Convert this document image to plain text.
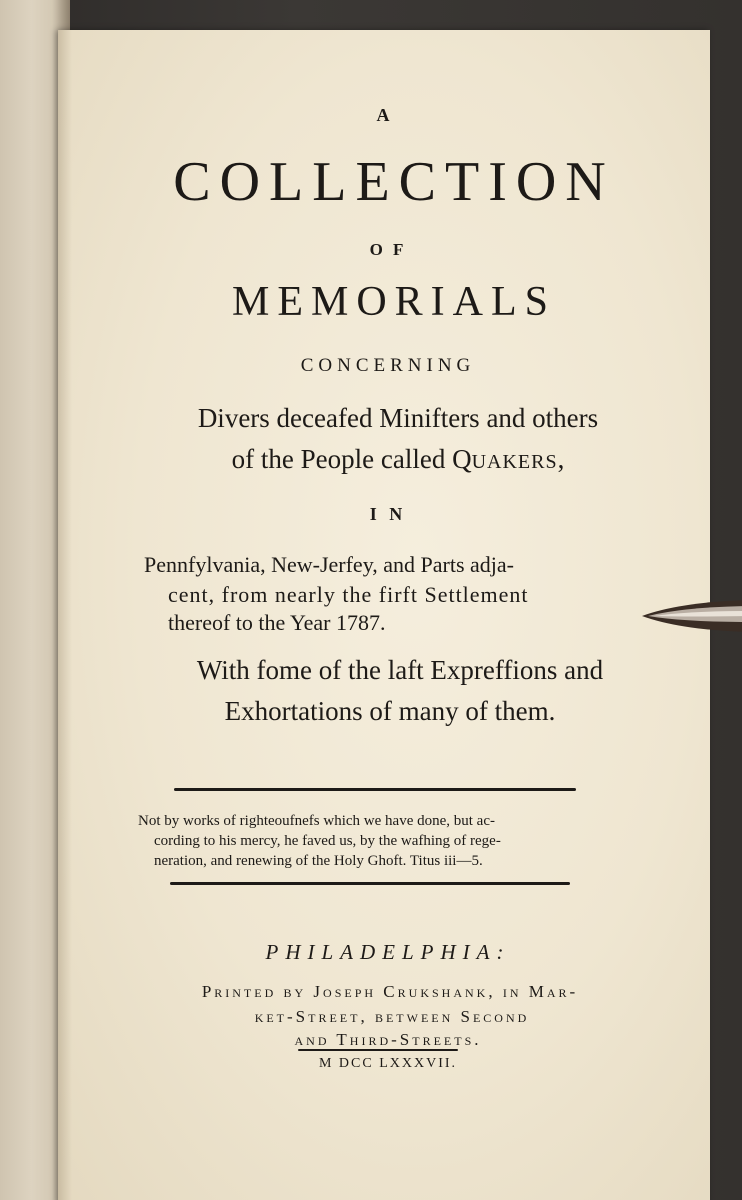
A
COLLECTION
O F
MEMORIALS
CONCERNING
Divers deceafed Minifters and others
of the People called QUAKERS,
I N
Pennfylvania, New-Jerfey, and Parts adja-
cent, from nearly the firft Settlement
thereof to the Year 1787.
With fome of the laft Expreffions and
Exhortations of many of them.
Not by works of righteoufnefs which we have done, but ac-
cording to his mercy, he faved us, by the wafhing of rege-
neration, and renewing of the Holy Ghoft. Titus iii—5.
PHILADELPHIA:
Printed by Joseph Crukshank, in Mar-
ket-Street, between Second
and Third-Streets.
M DCC LXXXVII.
